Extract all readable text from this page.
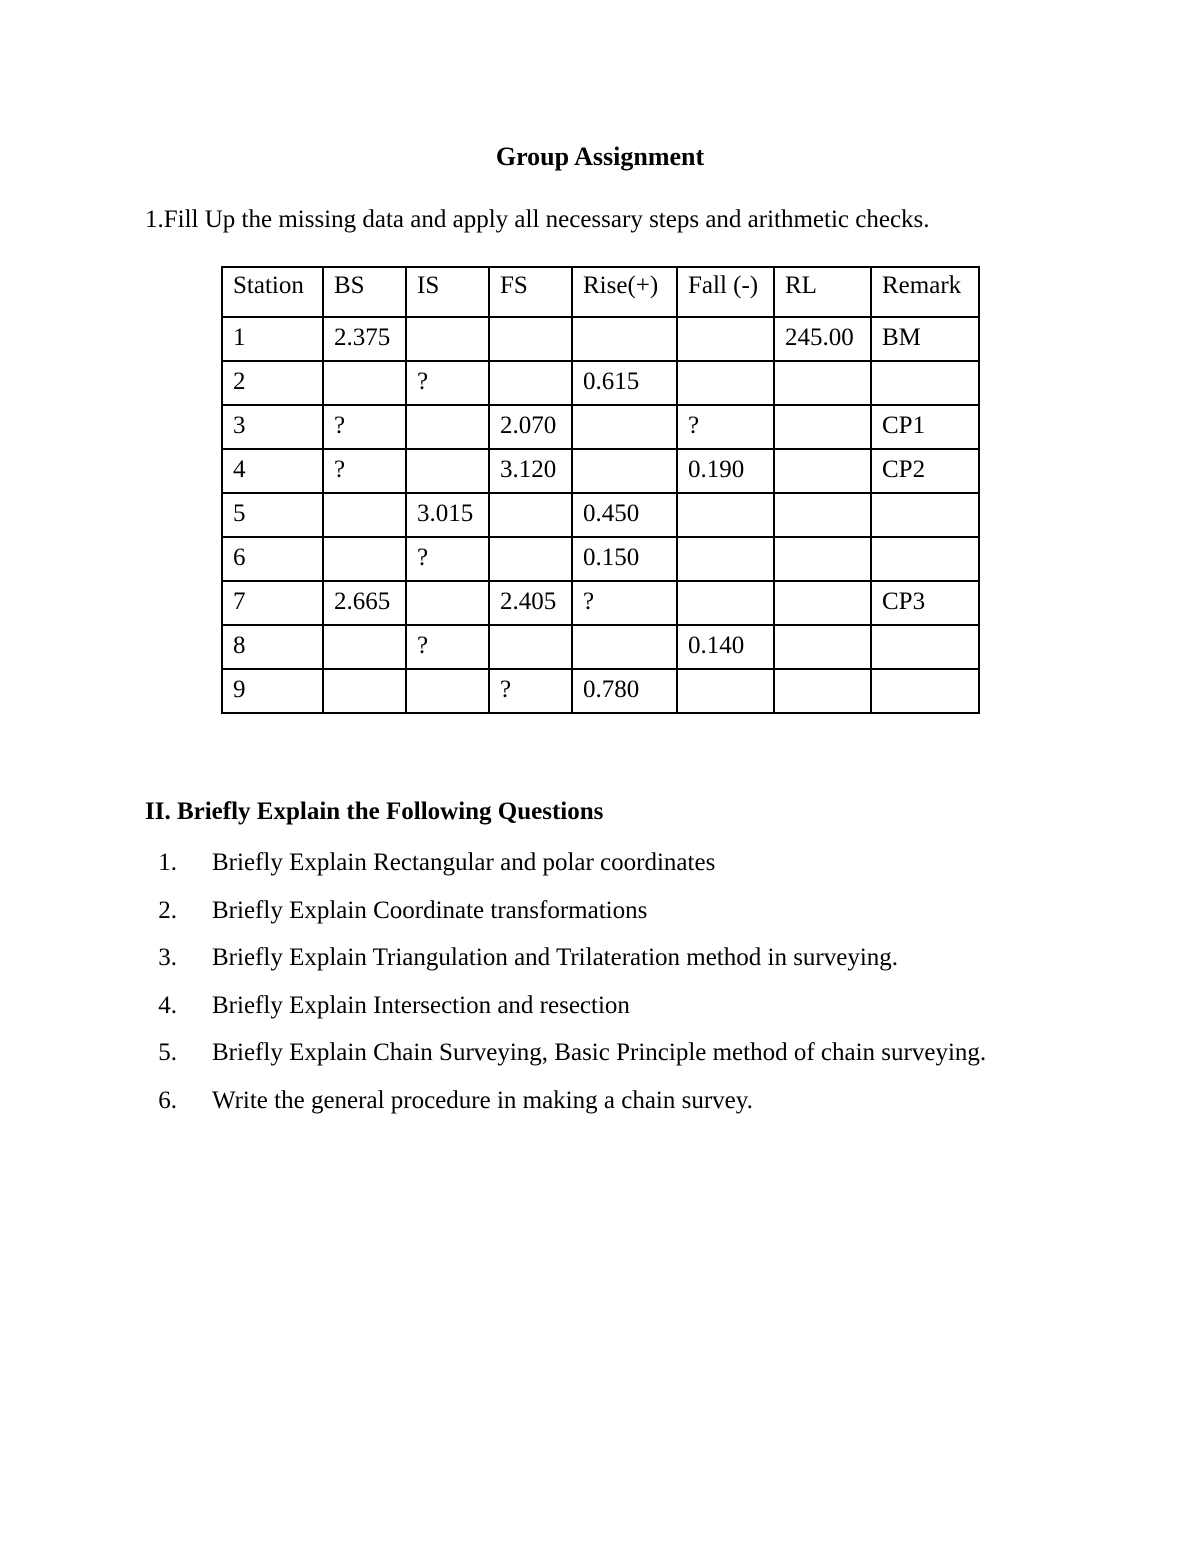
Group Assignment
1.Fill Up the missing data and apply all necessary steps and arithmetic checks.
Station	BS	IS	FS	Rise(+)	Fall (-)	RL	Remark
1	2.375					245.00	BM
2		?		0.615			
3	?		2.070		?		CP1
4	?		3.120		0.190		CP2
5		3.015		0.450			
6		?		0.150			
7	2.665		2.405	?			CP3
8		?			0.140		
9			?	0.780			
II. Briefly Explain the Following Questions
1. Briefly Explain Rectangular and polar coordinates
2. Briefly Explain Coordinate transformations
3. Briefly Explain Triangulation and Trilateration method in surveying.
4. Briefly Explain Intersection and resection
5. Briefly Explain Chain Surveying, Basic Principle method of chain surveying.
6. Write the general procedure in making a chain survey.
